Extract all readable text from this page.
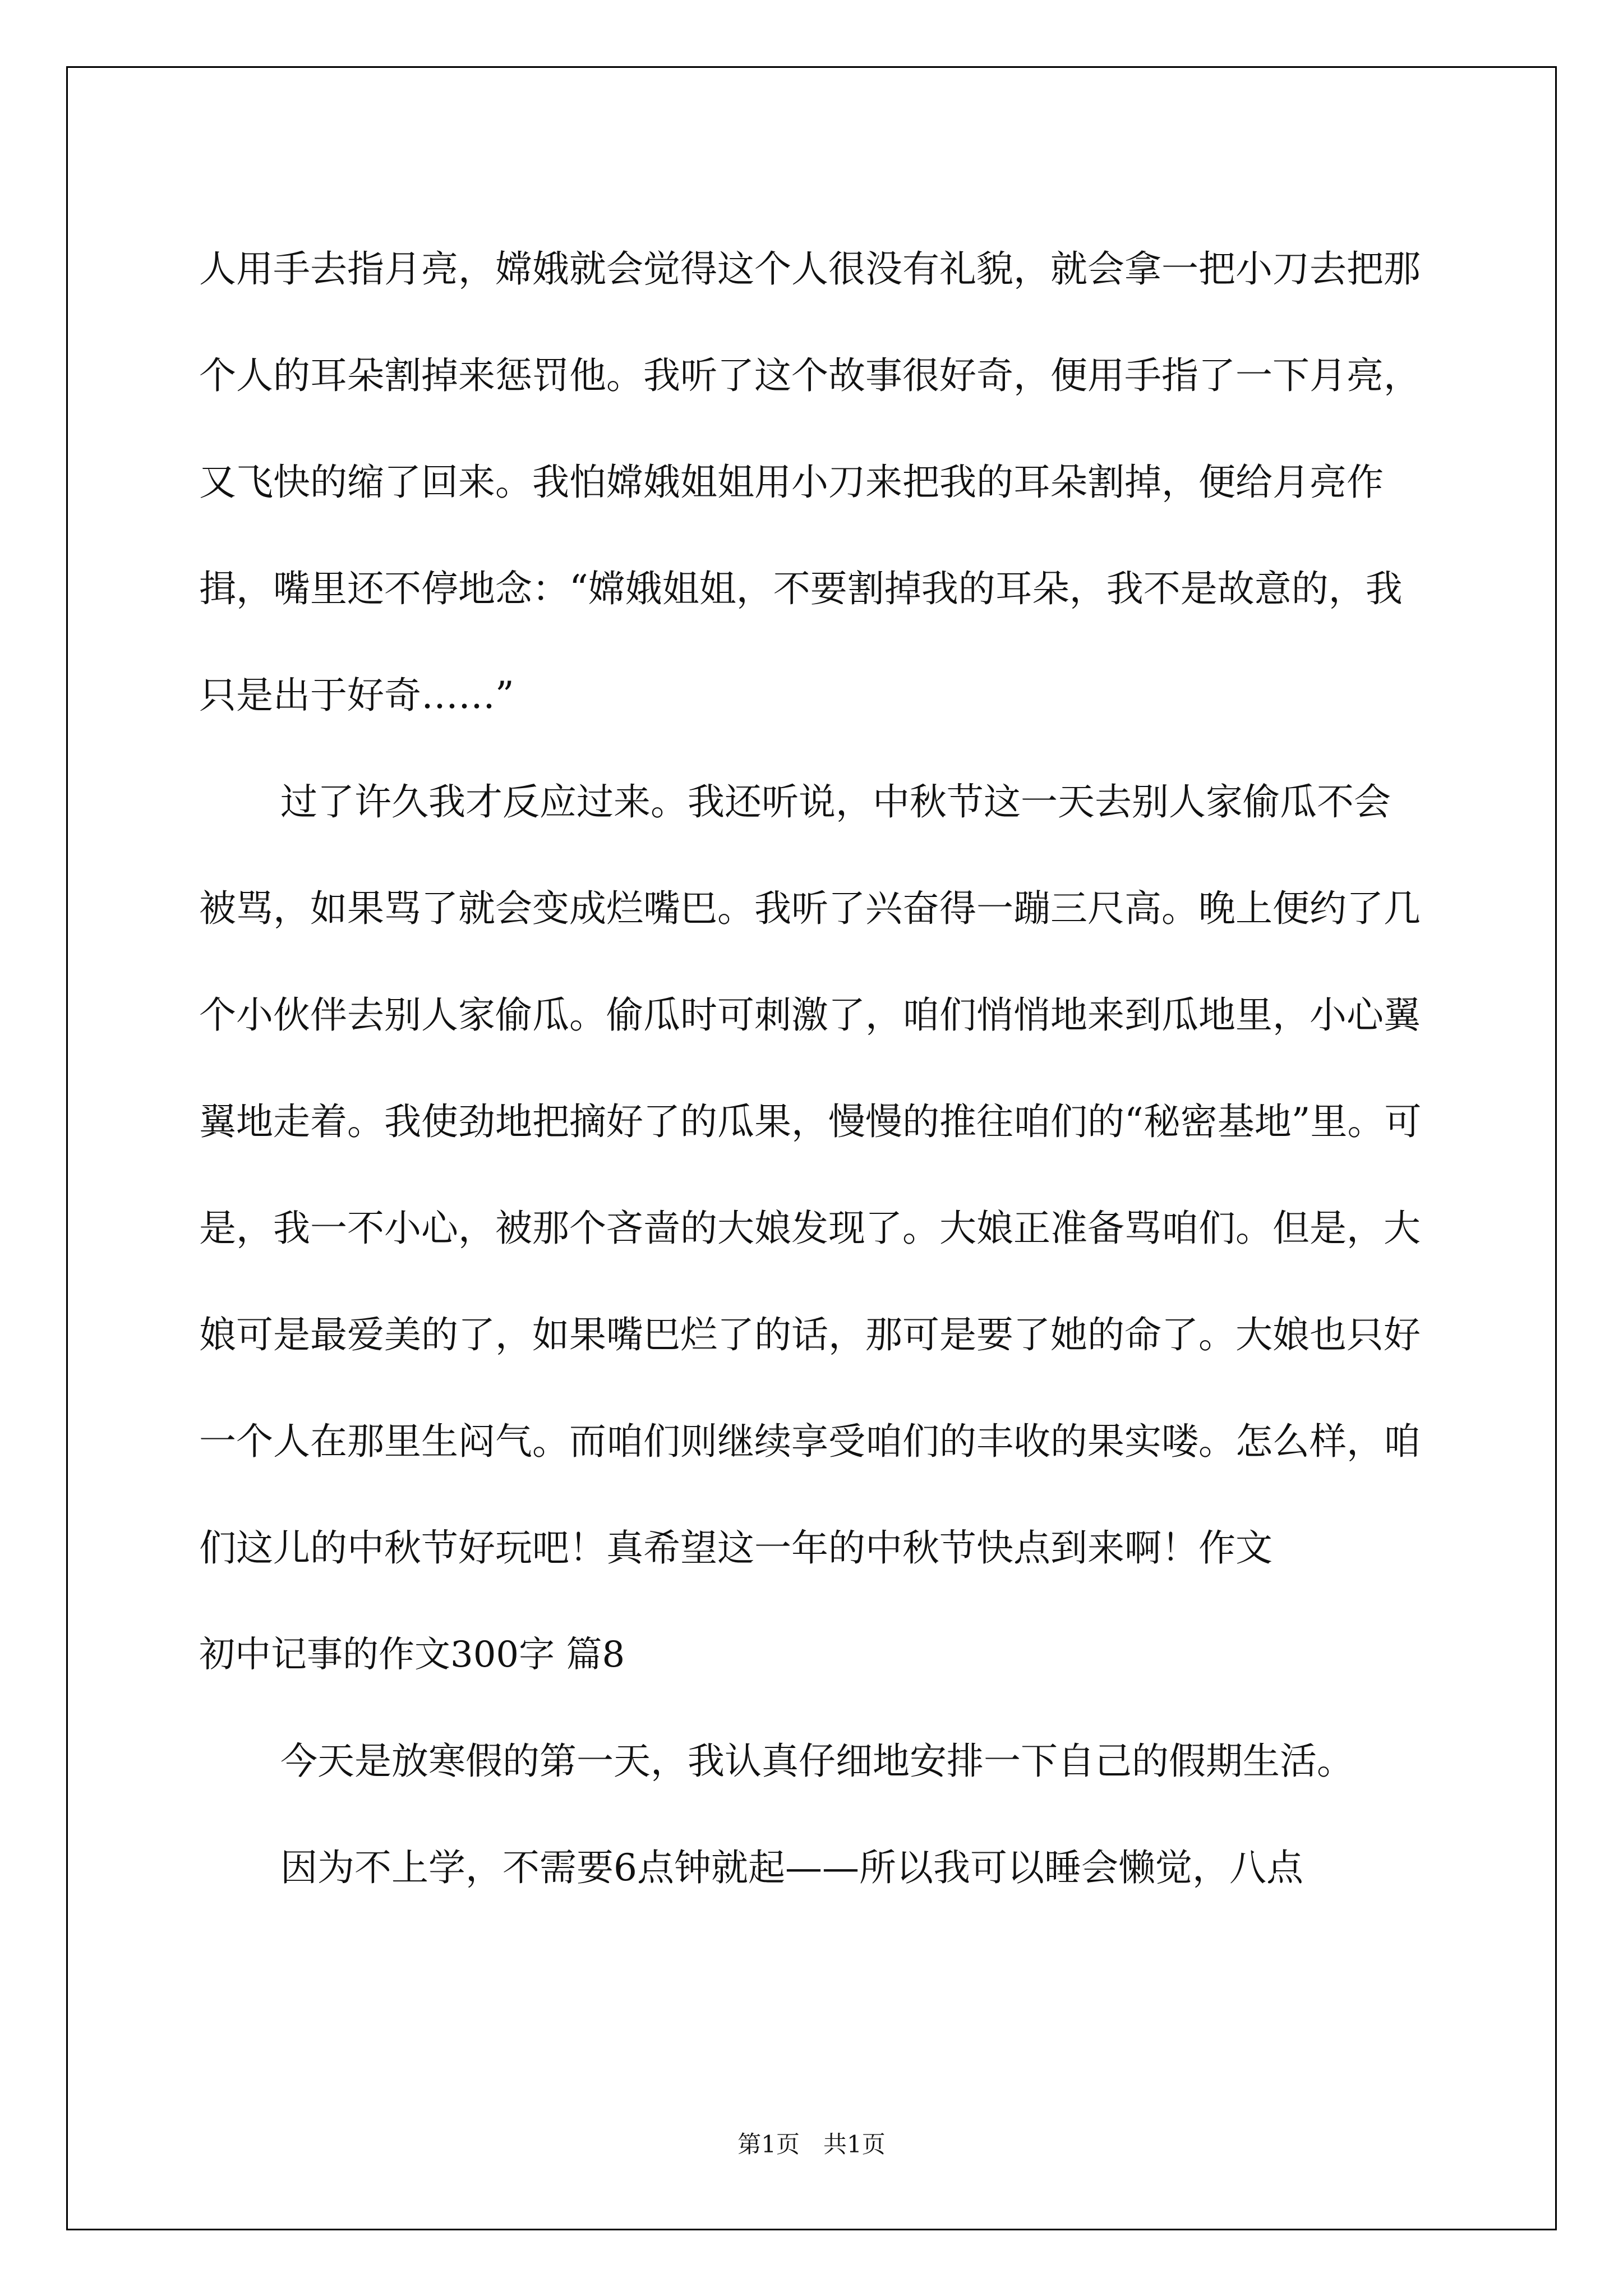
人用手去指月亮，嫦娥就会觉得这个人很没有礼貌，就会拿一把小刀去把那个人的耳朵割掉来惩罚他。我听了这个故事很好奇，便用手指了一下月亮，又飞快的缩了回来。我怕嫦娥姐姐用小刀来把我的耳朵割掉，便给月亮作揖，嘴里还不停地念：“嫦娥姐姐，不要割掉我的耳朵，我不是故意的，我只是出于好奇……”

过了许久我才反应过来。我还听说，中秋节这一天去别人家偷瓜不会被骂，如果骂了就会变成烂嘴巴。我听了兴奋得一蹦三尺高。晚上便约了几个小伙伴去别人家偷瓜。偷瓜时可刺激了，咱们悄悄地来到瓜地里，小心翼翼地走着。我使劲地把摘好了的瓜果，慢慢的推往咱们的“秘密基地”里。可是，我一不小心，被那个吝啬的大娘发现了。大娘正准备骂咱们。但是，大娘可是最爱美的了，如果嘴巴烂了的话，那可是要了她的命了。大娘也只好一个人在那里生闷气。而咱们则继续享受咱们的丰收的果实喽。怎么样，咱们这儿的中秋节好玩吧！真希望这一年的中秋节快点到来啊！作文

初中记事的作文300字 篇8

今天是放寒假的第一天，我认真仔细地安排一下自己的假期生活。

因为不上学，不需要6点钟就起——所以我可以睡会懒觉，八点

第1页　共1页
